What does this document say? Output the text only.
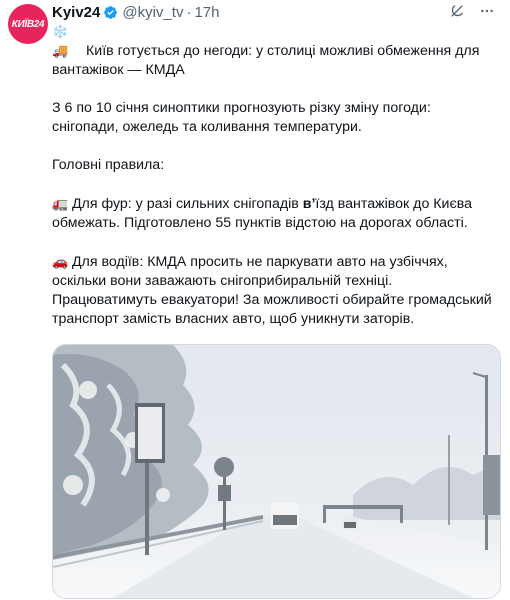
КИЇВ24
Kyiv24 @kyiv_tv · 17h

❄️ 🚚 Київ готується до негоди: у столиці можливі обмеження для вантажівок — КМДА

З 6 по 10 січня синоптики прогнозують різку зміну погоди: снігопади, ожеледь та коливання температури.

Головні правила:

🚛 Для фур: у разі сильних снігопадів в’їзд вантажівок до Києва обмежать. Підготовлено 55 пунктів відстою на дорогах області.

🚗 Для водіїв: КМДА просить не паркувати авто на узбіччях, оскільки вони заважають снігоприбиральній техніці. Працюватимуть евакуатори! За можливості обирайте громадський транспорт замість власних авто, щоб уникнути заторів.
